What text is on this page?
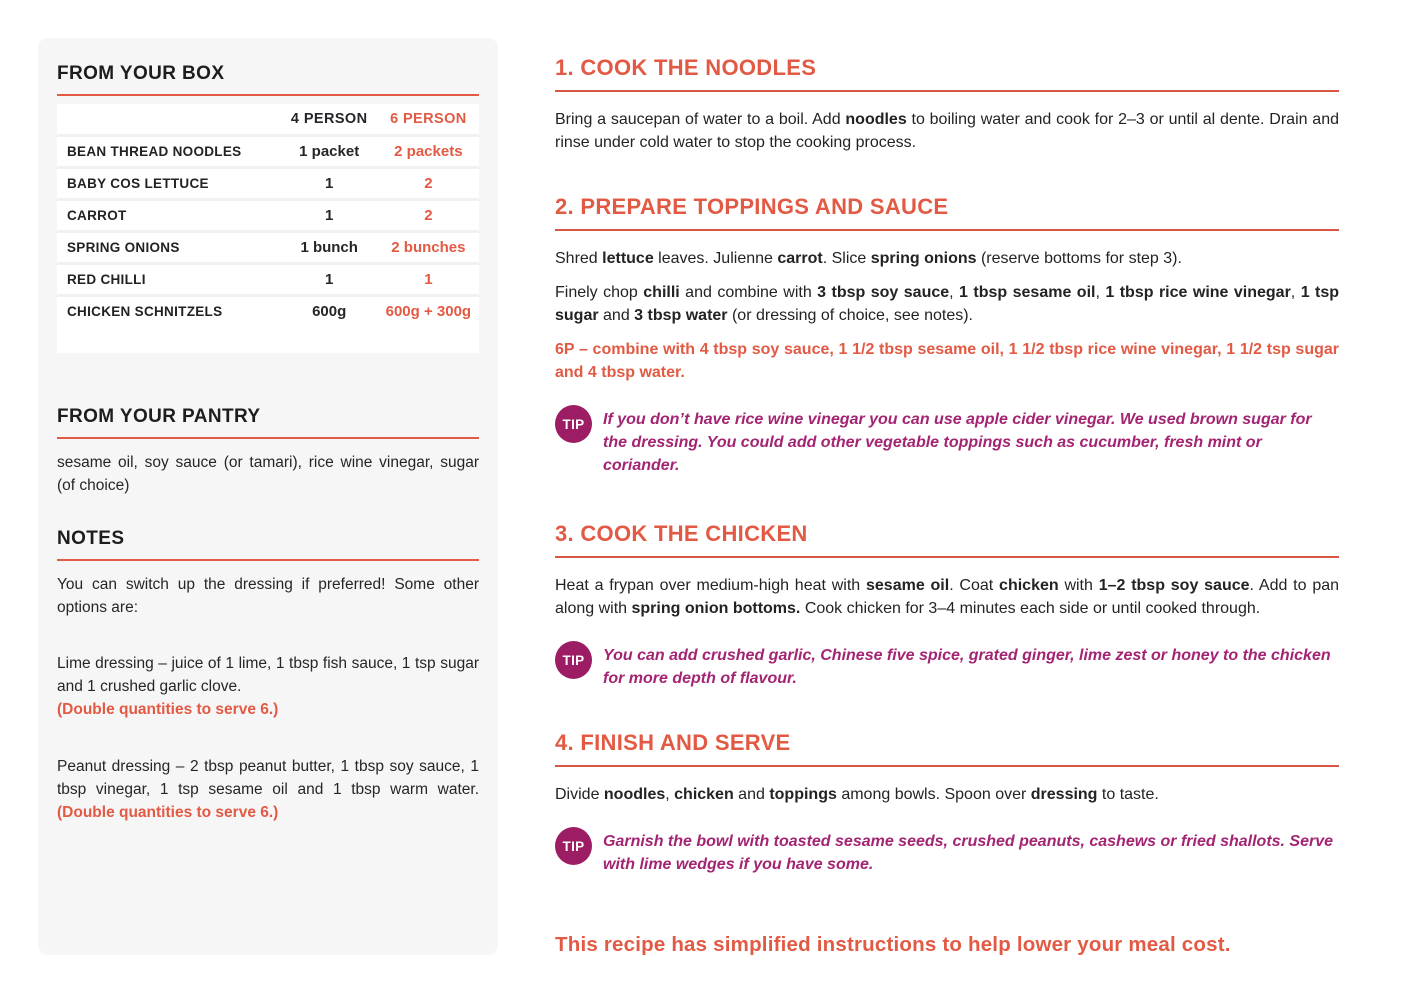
FROM YOUR BOX
	4 PERSON	6 PERSON

BEAN THREAD NOODLES	1 packet	2 packets

BABY COS LETTUCE	1	2

CARROT	1	2

SPRING ONIONS	1 bunch	2 bunches

RED CHILLI	1	1

CHICKEN SCHNITZELS	600g	600g + 300g
FROM YOUR PANTRY

sesame oil, soy sauce (or tamari), rice wine vinegar, sugar (of choice)

NOTES

You can switch up the dressing if preferred! Some other options are:

Lime dressing – juice of 1 lime, 1 tbsp fish sauce, 1 tsp sugar and 1 crushed garlic clove.
(Double quantities to serve 6.)

Peanut dressing – 2 tbsp peanut butter, 1 tbsp soy sauce, 1 tbsp vinegar, 1 tsp sesame oil and 1 tbsp warm water. (Double quantities to serve 6.)

1. COOK THE NOODLES

Bring a saucepan of water to a boil. Add noodles to boiling water and cook for 2–3 or until al dente. Drain and rinse under cold water to stop the cooking process.

2. PREPARE TOPPINGS AND SAUCE

Shred lettuce leaves. Julienne carrot. Slice spring onions (reserve bottoms for step 3).

Finely chop chilli and combine with 3 tbsp soy sauce, 1 tbsp sesame oil, 1 tbsp rice wine vinegar, 1 tsp sugar and 3 tbsp water (or dressing of choice, see notes).

6P – combine with 4 tbsp soy sauce, 1 1/2 tbsp sesame oil, 1 1/2 tbsp rice wine vinegar, 1 1/2 tsp sugar and 4 tbsp water.

TIP	If you don’t have rice wine vinegar you can use apple cider vinegar. We used brown sugar for the dressing. You could add other vegetable toppings such as cucumber, fresh mint or coriander.
3. COOK THE CHICKEN

Heat a frypan over medium-high heat with sesame oil. Coat chicken with 1–2 tbsp soy sauce. Add to pan along with spring onion bottoms. Cook chicken for 3–4 minutes each side or until cooked through.

TIP	You can add crushed garlic, Chinese five spice, grated ginger, lime zest or honey to the chicken for more depth of flavour.
4. FINISH AND SERVE

Divide noodles, chicken and toppings among bowls. Spoon over dressing to taste.

TIP	Garnish the bowl with toasted sesame seeds, crushed peanuts, cashews or fried shallots. Serve with lime wedges if you have some.

This recipe has simplified instructions to help lower your meal cost.
